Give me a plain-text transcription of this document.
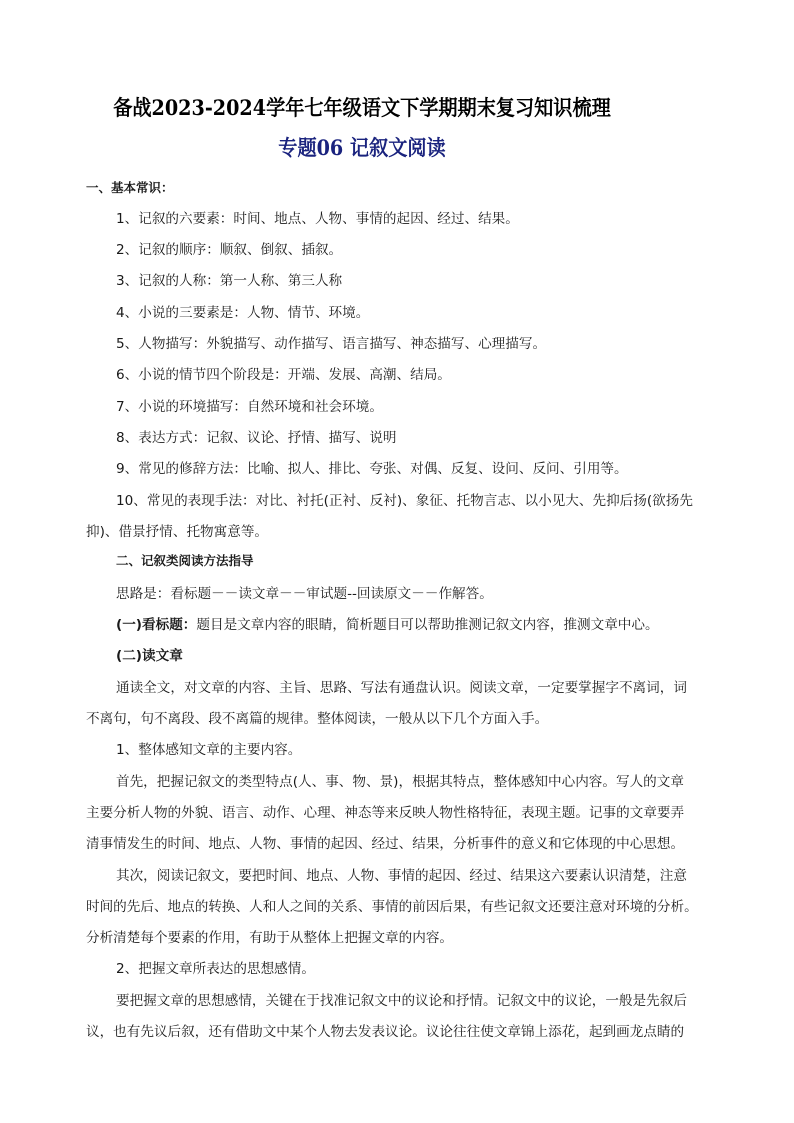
备战2023-2024学年七年级语文下学期期末复习知识梳理
专题06 记叙文阅读
一、基本常识：
1、记叙的六要素：时间、地点、人物、事情的起因、经过、结果。
2、记叙的顺序：顺叙、倒叙、插叙。
3、记叙的人称：第一人称、第三人称
4、小说的三要素是：人物、情节、环境。
5、人物描写：外貌描写、动作描写、语言描写、神态描写、心理描写。
6、小说的情节四个阶段是：开端、发展、高潮、结局。
7、小说的环境描写：自然环境和社会环境。
8、表达方式：记叙、议论、抒情、描写、说明
9、常见的修辞方法：比喻、拟人、排比、夸张、对偶、反复、设问、反问、引用等。
10、常见的表现手法：对比、衬托(正衬、反衬)、象征、托物言志、以小见大、先抑后扬(欲扬先
抑)、借景抒情、托物寓意等。
二、记叙类阅读方法指导
思路是：看标题－－读文章－－审试题--回读原文－－作解答。
(一)看标题：题目是文章内容的眼睛，简析题目可以帮助推测记叙文内容，推测文章中心。
(二)读文章
通读全文，对文章的内容、主旨、思路、写法有通盘认识。阅读文章，一定要掌握字不离词，词
不离句，句不离段、段不离篇的规律。整体阅读，一般从以下几个方面入手。
1、整体感知文章的主要内容。
首先，把握记叙文的类型特点(人、事、物、景)，根据其特点，整体感知中心内容。写人的文章
主要分析人物的外貌、语言、动作、心理、神态等来反映人物性格特征，表现主题。记事的文章要弄
清事情发生的时间、地点、人物、事情的起因、经过、结果，分析事件的意义和它体现的中心思想。
其次，阅读记叙文，要把时间、地点、人物、事情的起因、经过、结果这六要素认识清楚，注意
时间的先后、地点的转换、人和人之间的关系、事情的前因后果，有些记叙文还要注意对环境的分析。
分析清楚每个要素的作用，有助于从整体上把握文章的内容。
2、把握文章所表达的思想感情。
要把握文章的思想感情，关键在于找准记叙文中的议论和抒情。记叙文中的议论，一般是先叙后
议，也有先议后叙，还有借助文中某个人物去发表议论。议论往往使文章锦上添花，起到画龙点睛的
